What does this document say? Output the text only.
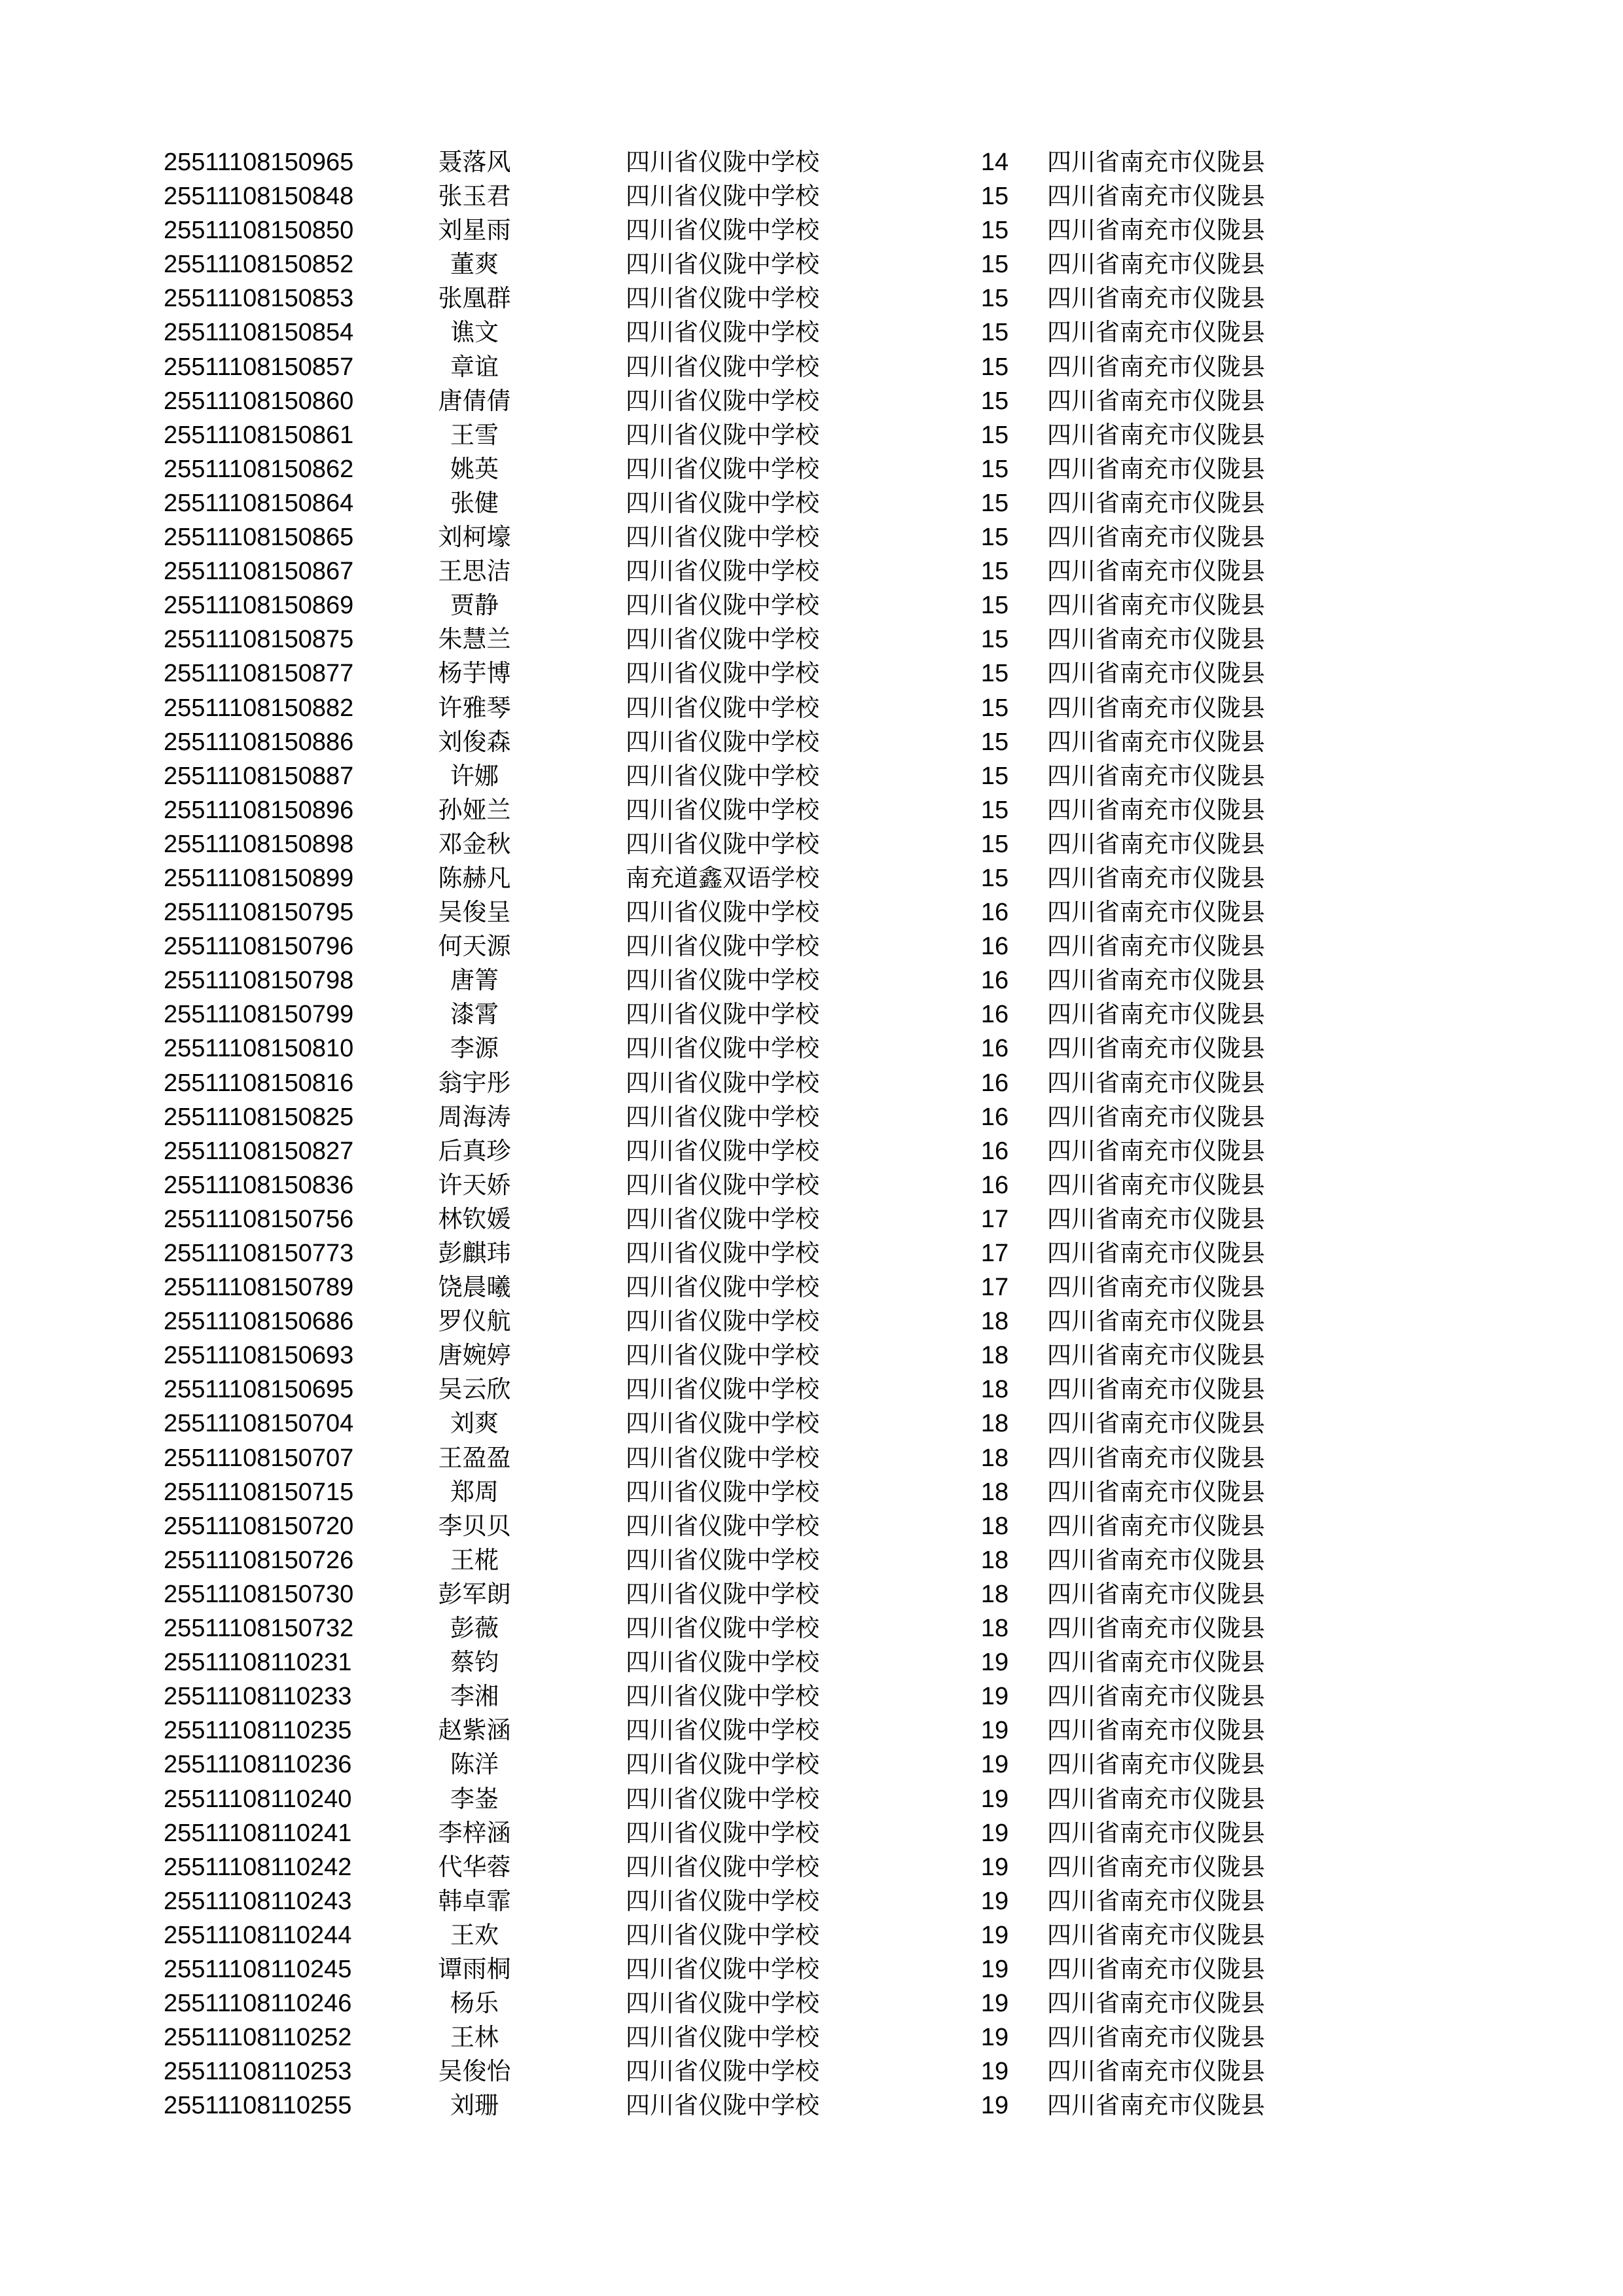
25511108150965	聂落风	四川省仪陇中学校	14	四川省南充市仪陇县
25511108150848	张玉君	四川省仪陇中学校	15	四川省南充市仪陇县
25511108150850	刘星雨	四川省仪陇中学校	15	四川省南充市仪陇县
25511108150852	董爽	四川省仪陇中学校	15	四川省南充市仪陇县
25511108150853	张凰群	四川省仪陇中学校	15	四川省南充市仪陇县
25511108150854	谯文	四川省仪陇中学校	15	四川省南充市仪陇县
25511108150857	章谊	四川省仪陇中学校	15	四川省南充市仪陇县
25511108150860	唐倩倩	四川省仪陇中学校	15	四川省南充市仪陇县
25511108150861	王雪	四川省仪陇中学校	15	四川省南充市仪陇县
25511108150862	姚英	四川省仪陇中学校	15	四川省南充市仪陇县
25511108150864	张健	四川省仪陇中学校	15	四川省南充市仪陇县
25511108150865	刘柯壕	四川省仪陇中学校	15	四川省南充市仪陇县
25511108150867	王思洁	四川省仪陇中学校	15	四川省南充市仪陇县
25511108150869	贾静	四川省仪陇中学校	15	四川省南充市仪陇县
25511108150875	朱慧兰	四川省仪陇中学校	15	四川省南充市仪陇县
25511108150877	杨芋博	四川省仪陇中学校	15	四川省南充市仪陇县
25511108150882	许雅琴	四川省仪陇中学校	15	四川省南充市仪陇县
25511108150886	刘俊森	四川省仪陇中学校	15	四川省南充市仪陇县
25511108150887	许娜	四川省仪陇中学校	15	四川省南充市仪陇县
25511108150896	孙娅兰	四川省仪陇中学校	15	四川省南充市仪陇县
25511108150898	邓金秋	四川省仪陇中学校	15	四川省南充市仪陇县
25511108150899	陈赫凡	南充道鑫双语学校	15	四川省南充市仪陇县
25511108150795	吴俊呈	四川省仪陇中学校	16	四川省南充市仪陇县
25511108150796	何天源	四川省仪陇中学校	16	四川省南充市仪陇县
25511108150798	唐箐	四川省仪陇中学校	16	四川省南充市仪陇县
25511108150799	漆霄	四川省仪陇中学校	16	四川省南充市仪陇县
25511108150810	李源	四川省仪陇中学校	16	四川省南充市仪陇县
25511108150816	翁宇彤	四川省仪陇中学校	16	四川省南充市仪陇县
25511108150825	周海涛	四川省仪陇中学校	16	四川省南充市仪陇县
25511108150827	后真珍	四川省仪陇中学校	16	四川省南充市仪陇县
25511108150836	许天娇	四川省仪陇中学校	16	四川省南充市仪陇县
25511108150756	林钦媛	四川省仪陇中学校	17	四川省南充市仪陇县
25511108150773	彭麒玮	四川省仪陇中学校	17	四川省南充市仪陇县
25511108150789	饶晨曦	四川省仪陇中学校	17	四川省南充市仪陇县
25511108150686	罗仪航	四川省仪陇中学校	18	四川省南充市仪陇县
25511108150693	唐婉婷	四川省仪陇中学校	18	四川省南充市仪陇县
25511108150695	吴云欣	四川省仪陇中学校	18	四川省南充市仪陇县
25511108150704	刘爽	四川省仪陇中学校	18	四川省南充市仪陇县
25511108150707	王盈盈	四川省仪陇中学校	18	四川省南充市仪陇县
25511108150715	郑周	四川省仪陇中学校	18	四川省南充市仪陇县
25511108150720	李贝贝	四川省仪陇中学校	18	四川省南充市仪陇县
25511108150726	王椛	四川省仪陇中学校	18	四川省南充市仪陇县
25511108150730	彭军朗	四川省仪陇中学校	18	四川省南充市仪陇县
25511108150732	彭薇	四川省仪陇中学校	18	四川省南充市仪陇县
25511108110231	蔡钧	四川省仪陇中学校	19	四川省南充市仪陇县
25511108110233	李湘	四川省仪陇中学校	19	四川省南充市仪陇县
25511108110235	赵紫涵	四川省仪陇中学校	19	四川省南充市仪陇县
25511108110236	陈洋	四川省仪陇中学校	19	四川省南充市仪陇县
25511108110240	李崟	四川省仪陇中学校	19	四川省南充市仪陇县
25511108110241	李梓涵	四川省仪陇中学校	19	四川省南充市仪陇县
25511108110242	代华蓉	四川省仪陇中学校	19	四川省南充市仪陇县
25511108110243	韩卓霏	四川省仪陇中学校	19	四川省南充市仪陇县
25511108110244	王欢	四川省仪陇中学校	19	四川省南充市仪陇县
25511108110245	谭雨桐	四川省仪陇中学校	19	四川省南充市仪陇县
25511108110246	杨乐	四川省仪陇中学校	19	四川省南充市仪陇县
25511108110252	王林	四川省仪陇中学校	19	四川省南充市仪陇县
25511108110253	吴俊怡	四川省仪陇中学校	19	四川省南充市仪陇县
25511108110255	刘珊	四川省仪陇中学校	19	四川省南充市仪陇县
